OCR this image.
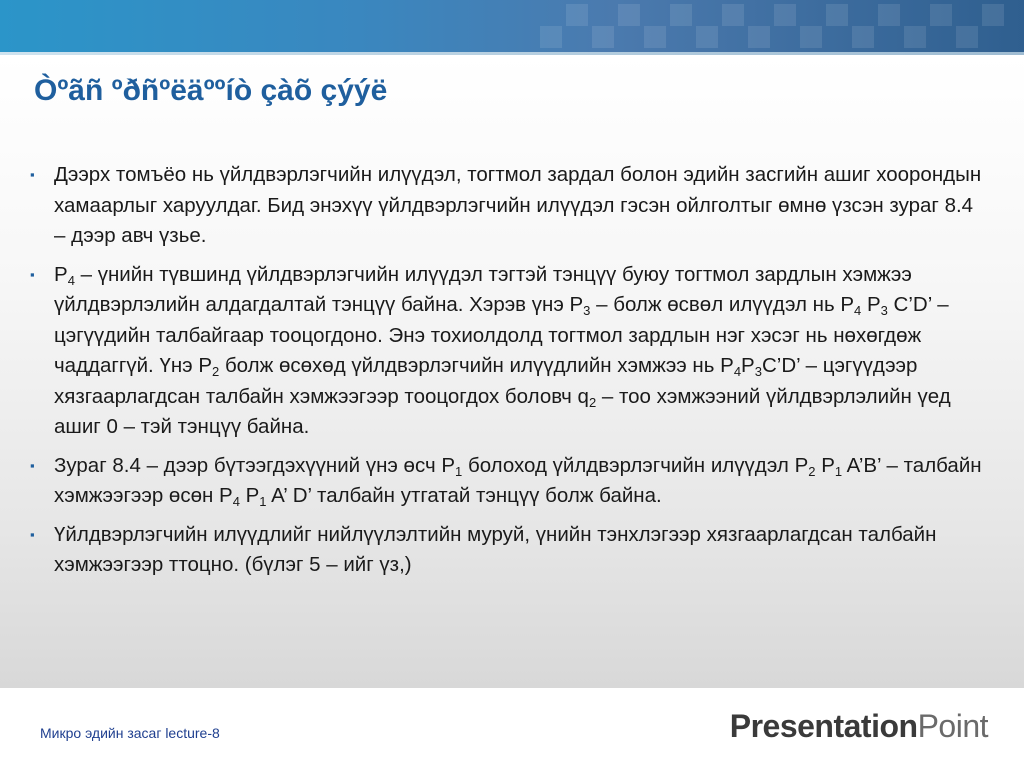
Òºãñ ºðñºëäººíò çàõ çýýë
▪ Дээрх томъёо нь үйлдвэрлэгчийн илүүдэл, тогтмол зардал болон эдийн засгийн ашиг хоорондын хамаарлыг харуулдаг. Бид энэхүү үйлдвэрлэгчийн илүүдэл гэсэн ойлголтыг өмнө үзсэн зураг 8.4 – дээр авч үзье.
▪ $P_4$ – үнийн түвшинд үйлдвэрлэгчийн илүүдэл тэгтэй тэнцүү буюу тогтмол зардлын хэмжээ үйлдвэрлэлийн алдагдалтай тэнцүү байна. Хэрэв үнэ $P_3$ – болж өсвөл илүүдэл нь $P_4$ $P_3$ C’D’ – цэгүүдийн талбайгаар тооцогдоно. Энэ тохиолдолд тогтмол зардлын нэг хэсэг нь нөхөгдөж чаддаггүй. Үнэ $P_2$ болж өсөхөд үйлдвэрлэгчийн илүүдлийн хэмжээ нь $P_4P_3C’D$’ – цэгүүдээр хязгаарлагдсан талбайн хэмжээгээр тооцогдох боловч $q_2$ – тоо хэмжээний үйлдвэрлэлийн үед ашиг 0 – тэй тэнцүү байна.
▪ Зураг 8.4 – дээр бүтээгдэхүүний үнэ өсч $P_1$ болоход үйлдвэрлэгчийн илүүдэл $P_2$ $P_1$ A’B’ – талбайн хэмжээгээр өсөн $P_4$ $P_1$ A’ D’ талбайн утгатай тэнцүү болж байна.
▪ Үйлдвэрлэгчийн илүүдлийг нийлүүлэлтийн муруй, үнийн тэнхлэгээр хязгаарлагдсан талбайн хэмжээгээр ттоцно. (бүлэг 5 – ийг үз,)
Микро эдийн засаг lecture-8	PresentationPoint
